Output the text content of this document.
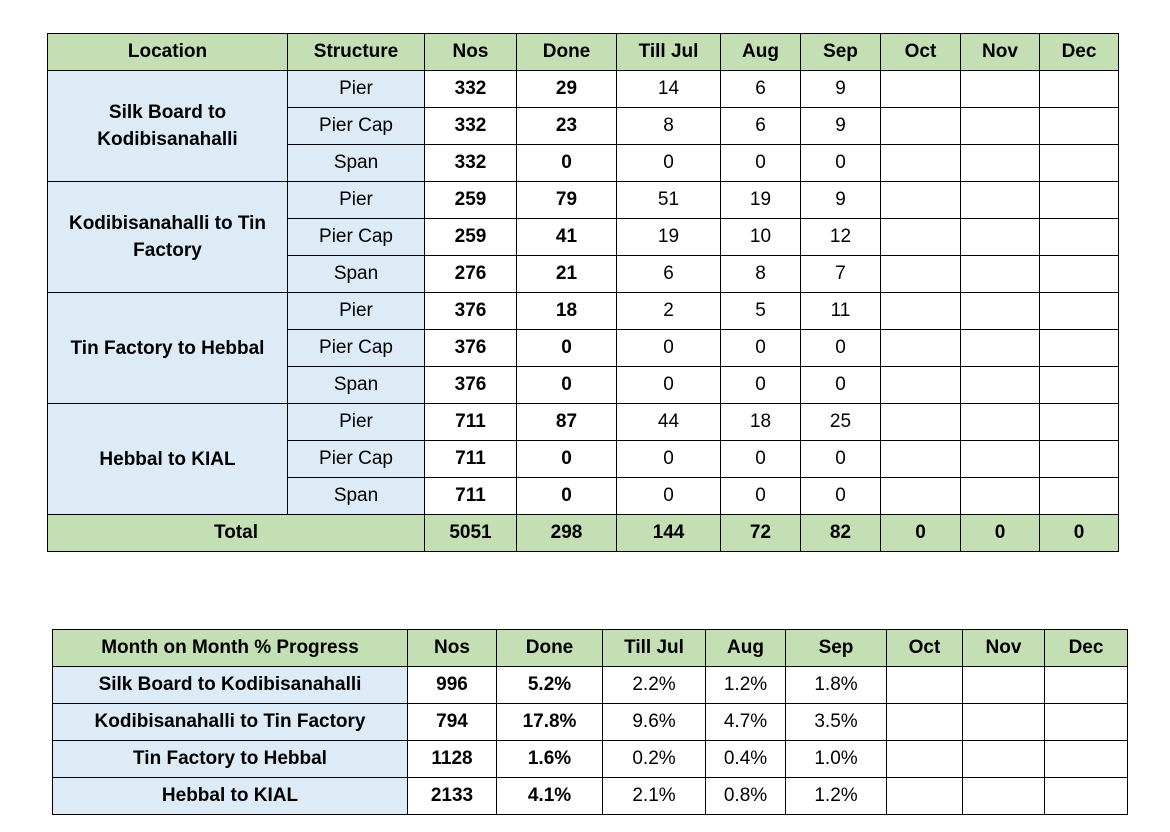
Location	Structure	Nos	Done	Till Jul	Aug	Sep	Oct	Nov	Dec
Silk Board to Kodibisanahalli	Pier	332	29	14	6	9			
	Pier Cap	332	23	8	6	9			
	Span	332	0	0	0	0			
Kodibisanahalli to Tin Factory	Pier	259	79	51	19	9			
	Pier Cap	259	41	19	10	12			
	Span	276	21	6	8	7			
Tin Factory to Hebbal	Pier	376	18	2	5	11			
	Pier Cap	376	0	0	0	0			
	Span	376	0	0	0	0			
Hebbal to KIAL	Pier	711	87	44	18	25			
	Pier Cap	711	0	0	0	0			
	Span	711	0	0	0	0			
Total		5051	298	144	72	82	0	0	0
Month on Month % Progress	Nos	Done	Till Jul	Aug	Sep	Oct	Nov	Dec
Silk Board to Kodibisanahalli	996	5.2%	2.2%	1.2%	1.8%			
Kodibisanahalli to Tin Factory	794	17.8%	9.6%	4.7%	3.5%			
Tin Factory to Hebbal	1128	1.6%	0.2%	0.4%	1.0%			
Hebbal to KIAL	2133	4.1%	2.1%	0.8%	1.2%			
